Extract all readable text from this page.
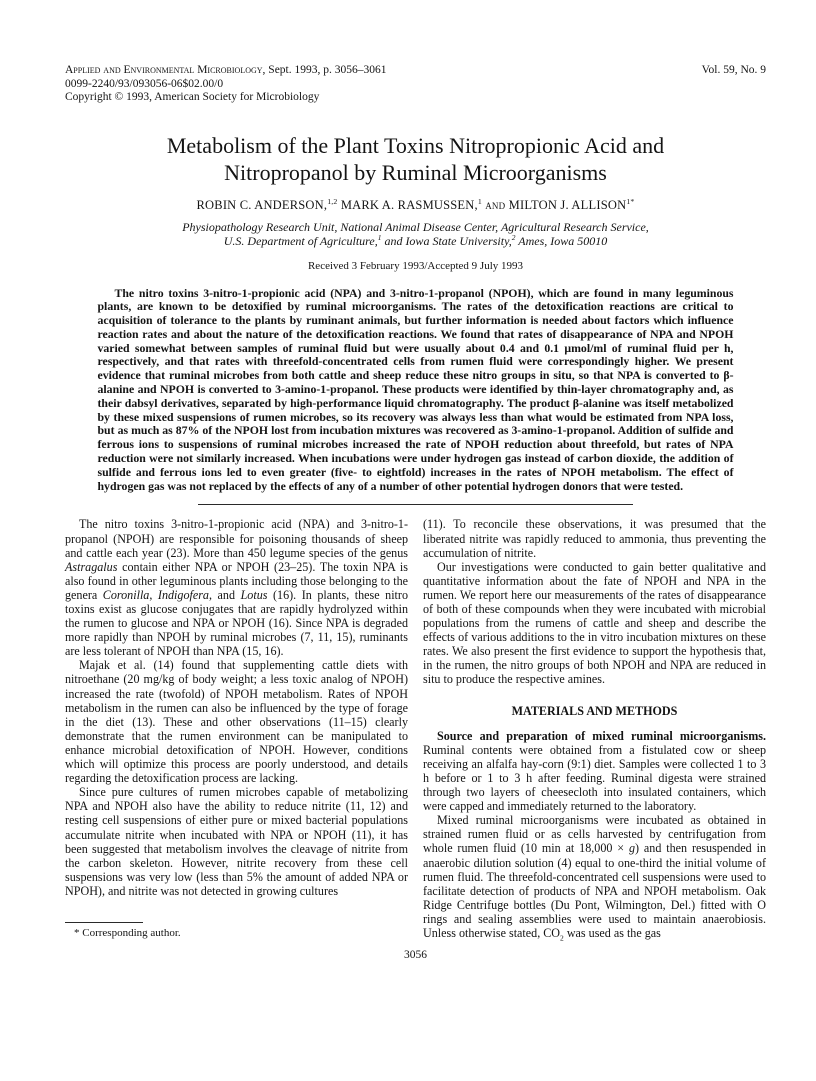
Applied and Environmental Microbiology, Sept. 1993, p. 3056–3061
0099-2240/93/093056-06$02.00/0
Copyright © 1993, American Society for Microbiology
Vol. 59, No. 9
Metabolism of the Plant Toxins Nitropropionic Acid and
Nitropropanol by Ruminal Microorganisms
ROBIN C. ANDERSON,$^{1,2}$ MARK A. RASMUSSEN,$^1$ and MILTON J. $ALLISON^{1*}$
Physiopathology Research Unit, National Animal Disease Center, Agricultural Research Service,
U.S. Department of Agriculture,$^1$ and Iowa State University,$^2$ Ames, Iowa 50010
Received 3 February 1993/Accepted 9 July 1993

The nitro toxins 3-nitro-1-propionic acid (NPA) and 3-nitro-1-propanol (NPOH), which are found in many leguminous plants, are known to be detoxified by ruminal microorganisms. The rates of the detoxification reactions are critical to acquisition of tolerance to the plants by ruminant animals, but further information is needed about factors which influence reaction rates and about the nature of the detoxification reactions. We found that rates of disappearance of NPA and NPOH varied somewhat between samples of ruminal fluid but were usually about 0.4 and 0.1 μmol/ml of ruminal fluid per h, respectively, and that rates with threefold-concentrated cells from rumen fluid were correspondingly higher. We present evidence that ruminal microbes from both cattle and sheep reduce these nitro groups in situ, so that NPA is converted to β-alanine and NPOH is converted to 3-amino-1-propanol. These products were identified by thin-layer chromatography and, as their dabsyl derivatives, separated by high-performance liquid chromatography. The product β-alanine was itself metabolized by these mixed suspensions of rumen microbes, so its recovery was always less than what would be estimated from NPA loss, but as much as 87% of the NPOH lost from incubation mixtures was recovered as 3-amino-1-propanol. Addition of sulfide and ferrous ions to suspensions of ruminal microbes increased the rate of NPOH reduction about threefold, but rates of NPA reduction were not similarly increased. When incubations were under hydrogen gas instead of carbon dioxide, the addition of sulfide and ferrous ions led to even greater (five- to eightfold) increases in the rates of NPOH metabolism. The effect of hydrogen gas was not replaced by the effects of any of a number of other potential hydrogen donors that were tested.

The nitro toxins 3-nitro-1-propionic acid (NPA) and 3-nitro-1-propanol (NPOH) are responsible for poisoning thousands of sheep and cattle each year (23). More than 450 legume species of the genus Astragalus contain either NPA or NPOH (23–25). The toxin NPA is also found in other leguminous plants including those belonging to the genera Coronilla, Indigofera, and Lotus (16). In plants, these nitro toxins exist as glucose conjugates that are rapidly hydrolyzed within the rumen to glucose and NPA or NPOH (16). Since NPA is degraded more rapidly than NPOH by ruminal microbes (7, 11, 15), ruminants are less tolerant of NPOH than NPA (15, 16).

Majak et al. (14) found that supplementing cattle diets with nitroethane (20 mg/kg of body weight; a less toxic analog of NPOH) increased the rate (twofold) of NPOH metabolism. Rates of NPOH metabolism in the rumen can also be influenced by the type of forage in the diet (13). These and other observations (11–15) clearly demonstrate that the rumen environment can be manipulated to enhance microbial detoxification of NPOH. However, conditions which will optimize this process are poorly understood, and details regarding the detoxification process are lacking.

Since pure cultures of rumen microbes capable of metabolizing NPA and NPOH also have the ability to reduce nitrite (11, 12) and resting cell suspensions of either pure or mixed bacterial populations accumulate nitrite when incubated with NPA or NPOH (11), it has been suggested that metabolism involves the cleavage of nitrite from the carbon skeleton. However, nitrite recovery from these cell suspensions was very low (less than 5% the amount of added NPA or NPOH), and nitrite was not detected in growing cultures

* Corresponding author.

(11). To reconcile these observations, it was presumed that the liberated nitrite was rapidly reduced to ammonia, thus preventing the accumulation of nitrite.

Our investigations were conducted to gain better qualitative and quantitative information about the fate of NPOH and NPA in the rumen. We report here our measurements of the rates of disappearance of both of these compounds when they were incubated with microbial populations from the rumens of cattle and sheep and describe the effects of various additions to the in vitro incubation mixtures on these rates. We also present the first evidence to support the hypothesis that, in the rumen, the nitro groups of both NPOH and NPA are reduced in situ to produce the respective amines.

MATERIALS AND METHODS

Source and preparation of mixed ruminal microorganisms. Ruminal contents were obtained from a fistulated cow or sheep receiving an alfalfa hay-corn (9:1) diet. Samples were collected 1 to 3 h before or 1 to 3 h after feeding. Ruminal digesta were strained through two layers of cheesecloth into insulated containers, which were capped and immediately returned to the laboratory.

Mixed ruminal microorganisms were incubated as obtained in strained rumen fluid or as cells harvested by centrifugation from whole rumen fluid (10 min at 18,000 × g) and then resuspended in anaerobic dilution solution (4) equal to one-third the initial volume of rumen fluid. The threefold-concentrated cell suspensions were used to facilitate detection of products of NPA and NPOH metabolism. Oak Ridge Centrifuge bottles (Du Pont, Wilmington, Del.) fitted with O rings and sealing assemblies were used to maintain anaerobiosis. Unless otherwise stated, $CO_2$ was used as the gas

3056
